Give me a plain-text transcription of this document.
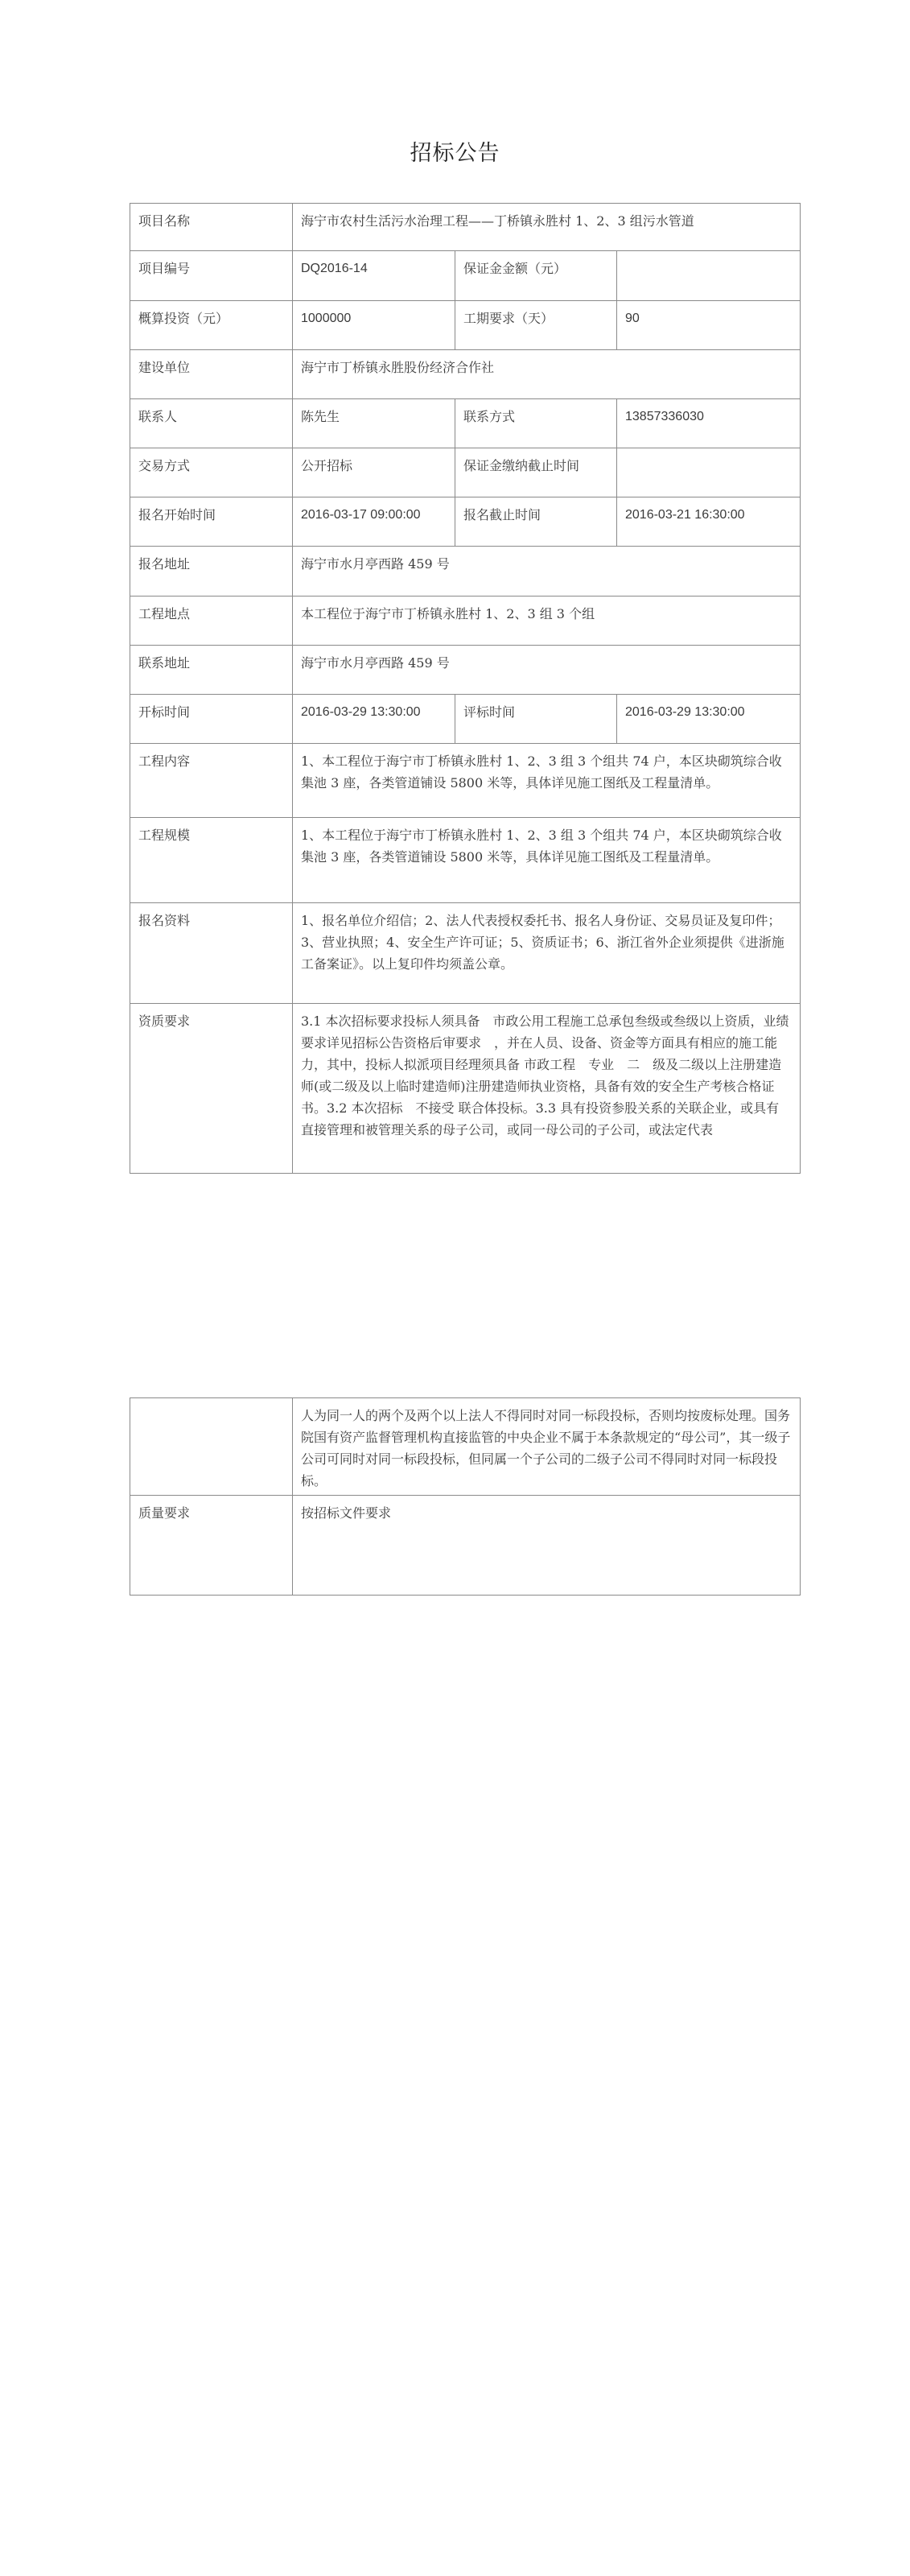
招标公告
项目名称	海宁市农村生活污水治理工程——丁桥镇永胜村 1、2、3 组污水管道		
项目编号	DQ2016-14	保证金金额（元）	
概算投资（元）	1000000	工期要求（天）	90
建设单位	海宁市丁桥镇永胜股份经济合作社		
联系人	陈先生	联系方式	13857336030
交易方式	公开招标	保证金缴纳截止时间	
报名开始时间	2016-03-17 09:00:00	报名截止时间	2016-03-21 16:30:00
报名地址	海宁市水月亭西路 459 号		
工程地点	本工程位于海宁市丁桥镇永胜村 1、2、3 组 3 个组		
联系地址	海宁市水月亭西路 459 号		
开标时间	2016-03-29 13:30:00	评标时间	2016-03-29 13:30:00
工程内容	1、本工程位于海宁市丁桥镇永胜村 1、2、3 组 3 个组共 74 户，本区块砌筑综合收集池 3 座，各类管道铺设 5800 米等，具体详见施工图纸及工程量清单。		
工程规模	1、本工程位于海宁市丁桥镇永胜村 1、2、3 组 3 个组共 74 户，本区块砌筑综合收集池 3 座，各类管道铺设 5800 米等，具体详见施工图纸及工程量清单。		
报名资料	1、报名单位介绍信；2、法人代表授权委托书、报名人身份证、交易员证及复印件；3、营业执照；4、安全生产许可证；5、资质证书；6、浙江省外企业须提供《进浙施工备案证》。以上复印件均须盖公章。		
资质要求	3.1 本次招标要求投标人须具备　市政公用工程施工总承包叁级或叁级以上资质，业绩要求详见招标公告资格后审要求　，并在人员、设备、资金等方面具有相应的施工能力，其中，投标人拟派项目经理须具备 市政工程　专业　二　级及二级以上注册建造师(或二级及以上临时建造师)注册建造师执业资格，具备有效的安全生产考核合格证书。3.2 本次招标　不接受 联合体投标。3.3 具有投资参股关系的关联企业，或具有直接管理和被管理关系的母子公司，或同一母公司的子公司，或法定代表		
	人为同一人的两个及两个以上法人不得同时对同一标段投标，否则均按废标处理。国务院国有资产监督管理机构直接监管的中央企业不属于本条款规定的“母公司”，其一级子公司可同时对同一标段投标，但同属一个子公司的二级子公司不得同时对同一标段投标。
质量要求	按招标文件要求
